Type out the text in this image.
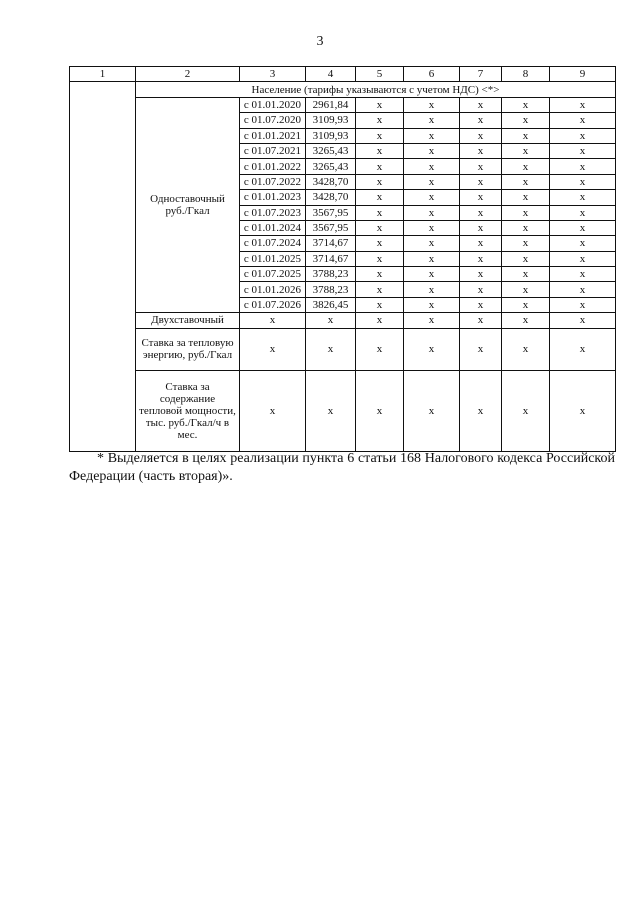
3
1	2	3	4	5	6	7	8	9
	Население (тарифы указываются с учетом НДС) <*>							
	Одноставочный руб./Гкал	с 01.01.2020	2961,84	x	x	x	x	x
		с 01.07.2020	3109,93	x	x	x	x	x
		с 01.01.2021	3109,93	x	x	x	x	x
		с 01.07.2021	3265,43	x	x	x	x	x
		с 01.01.2022	3265,43	x	x	x	x	x
		с 01.07.2022	3428,70	x	x	x	x	x
		с 01.01.2023	3428,70	x	x	x	x	x
		с 01.07.2023	3567,95	x	x	x	x	x
		с 01.01.2024	3567,95	x	x	x	x	x
		с 01.07.2024	3714,67	x	x	x	x	x
		с 01.01.2025	3714,67	x	x	x	x	x
		с 01.07.2025	3788,23	x	x	x	x	x
		с 01.01.2026	3788,23	x	x	x	x	x
		с 01.07.2026	3826,45	x	x	x	x	x
	Двухставочный	x	x	x	x	x	x	x
	Ставка за тепловую энергию, руб./Гкал	x	x	x	x	x	x	x
	Ставка за содержание тепловой мощности, тыс. руб./Гкал/ч в мес.	x	x	x	x	x	x	x
* Выделяется в целях реализации пункта 6 статьи 168 Налогового кодекса Российской Федерации (часть вторая)».
